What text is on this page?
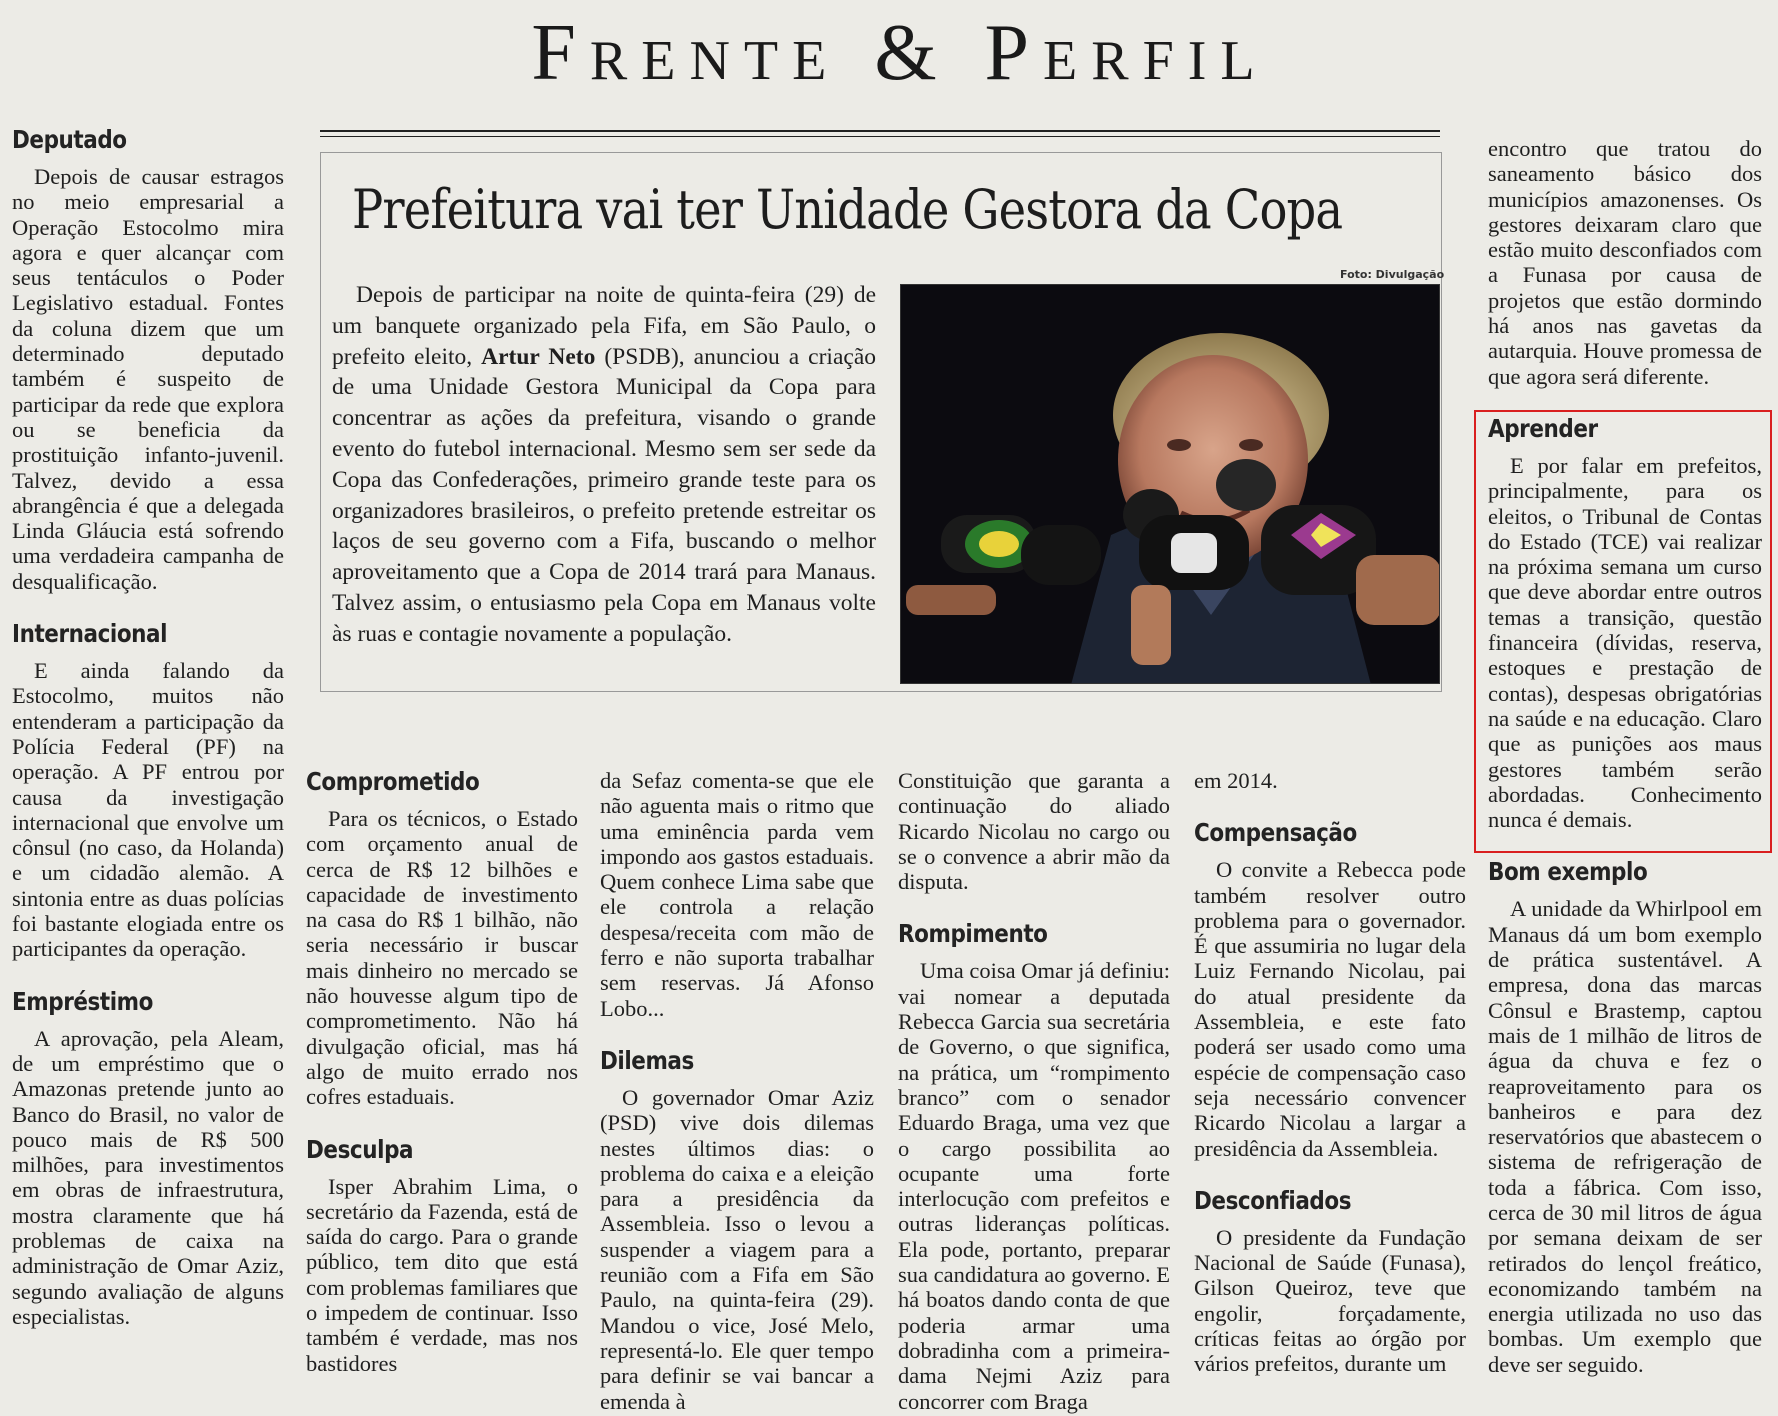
Frente & Perfil
Deputado
Depois de causar estragos no meio empresarial a Operação Estocolmo mira agora e quer alcançar com seus tentáculos o Poder Legislativo estadual. Fontes da coluna dizem que um determinado deputado também é suspeito de participar da rede que explora ou se beneficia da prostituição infanto-juvenil. Talvez, devido a essa abrangência é que a delegada Linda Gláucia está sofrendo uma verdadeira campanha de desqualificação.
Internacional
E ainda falando da Estocolmo, muitos não entenderam a participação da Polícia Federal (PF) na operação. A PF entrou por causa da investigação internacional que envolve um cônsul (no caso, da Holanda) e um cidadão alemão. A sintonia entre as duas polícias foi bastante elogiada entre os participantes da operação.
Empréstimo
A aprovação, pela Aleam, de um empréstimo que o Amazonas pretende junto ao Banco do Brasil, no valor de pouco mais de R$ 500 milhões, para investimentos em obras de infraestrutura, mostra claramente que há problemas de caixa na administração de Omar Aziz, segundo avaliação de alguns especialistas.
Prefeitura vai ter Unidade Gestora da Copa
Foto: Divulgação
Depois de participar na noite de quinta-feira (29) de um banquete organizado pela Fifa, em São Paulo, o prefeito eleito, Artur Neto (PSDB), anunciou a criação de uma Unidade Gestora Municipal da Copa para concentrar as ações da prefeitura, visando o grande evento do futebol internacional. Mesmo sem ser sede da Copa das Confederações, primeiro grande teste para os organizadores brasileiros, o prefeito pretende estreitar os laços de seu governo com a Fifa, buscando o melhor aproveitamento que a Copa de 2014 trará para Manaus. Talvez assim, o entusiasmo pela Copa em Manaus volte às ruas e contagie novamente a população.
Comprometido
Para os técnicos, o Estado com orçamento anual de cerca de R$ 12 bilhões e capacidade de investimento na casa do R$ 1 bilhão, não seria necessário ir buscar mais dinheiro no mercado se não houvesse algum tipo de comprometimento. Não há divulgação oficial, mas há algo de muito errado nos cofres estaduais.
Desculpa
Isper Abrahim Lima, o secretário da Fazenda, está de saída do cargo. Para o grande público, tem dito que está com problemas familiares que o impedem de continuar. Isso também é verdade, mas nos bastidores
da Sefaz comenta-se que ele não aguenta mais o ritmo que uma eminência parda vem impondo aos gastos estaduais. Quem conhece Lima sabe que ele controla a relação despesa/receita com mão de ferro e não suporta trabalhar sem reservas. Já Afonso Lobo...
Dilemas
O governador Omar Aziz (PSD) vive dois dilemas nestes últimos dias: o problema do caixa e a eleição para a presidência da Assembleia. Isso o levou a suspender a viagem para a reunião com a Fifa em São Paulo, na quinta-feira (29). Mandou o vice, José Melo, representá-lo. Ele quer tempo para definir se vai bancar a emenda à
Constituição que garanta a continuação do aliado Ricardo Nicolau no cargo ou se o convence a abrir mão da disputa.
Rompimento
Uma coisa Omar já definiu: vai nomear a deputada Rebecca Garcia sua secretária de Governo, o que significa, na prática, um “rompimento branco” com o senador Eduardo Braga, uma vez que o cargo possibilita ao ocupante uma forte interlocução com prefeitos e outras lideranças políticas. Ela pode, portanto, preparar sua candidatura ao governo. E há boatos dando conta de que poderia armar uma dobradinha com a primeira-dama Nejmi Aziz para concorrer com Braga
em 2014.
Compensação
O convite a Rebecca pode também resolver outro problema para o governador. É que assumiria no lugar dela Luiz Fernando Nicolau, pai do atual presidente da Assembleia, e este fato poderá ser usado como uma espécie de compensação caso seja necessário convencer Ricardo Nicolau a largar a presidência da Assembleia.
Desconfiados
O presidente da Fundação Nacional de Saúde (Funasa), Gilson Queiroz, teve que engolir, forçadamente, críticas feitas ao órgão por vários prefeitos, durante um
encontro que tratou do saneamento básico dos municípios amazonenses. Os gestores deixaram claro que estão muito desconfiados com a Funasa por causa de projetos que estão dormindo há anos nas gavetas da autarquia. Houve promessa de que agora será diferente.
Aprender
E por falar em prefeitos, principalmente, para os eleitos, o Tribunal de Contas do Estado (TCE) vai realizar na próxima semana um curso que deve abordar entre outros temas a transição, questão financeira (dívidas, reserva, estoques e prestação de contas), despesas obrigatórias na saúde e na educação. Claro que as punições aos maus gestores também serão abordadas. Conhecimento nunca é demais.
Bom exemplo
A unidade da Whirlpool em Manaus dá um bom exemplo de prática sustentável. A empresa, dona das marcas Cônsul e Brastemp, captou mais de 1 milhão de litros de água da chuva e fez o reaproveitamento para os banheiros e para dez reservatórios que abastecem o sistema de refrigeração de toda a fábrica. Com isso, cerca de 30 mil litros de água por semana deixam de ser retirados do lençol freático, economizando também na energia utilizada no uso das bombas. Um exemplo que deve ser seguido.
